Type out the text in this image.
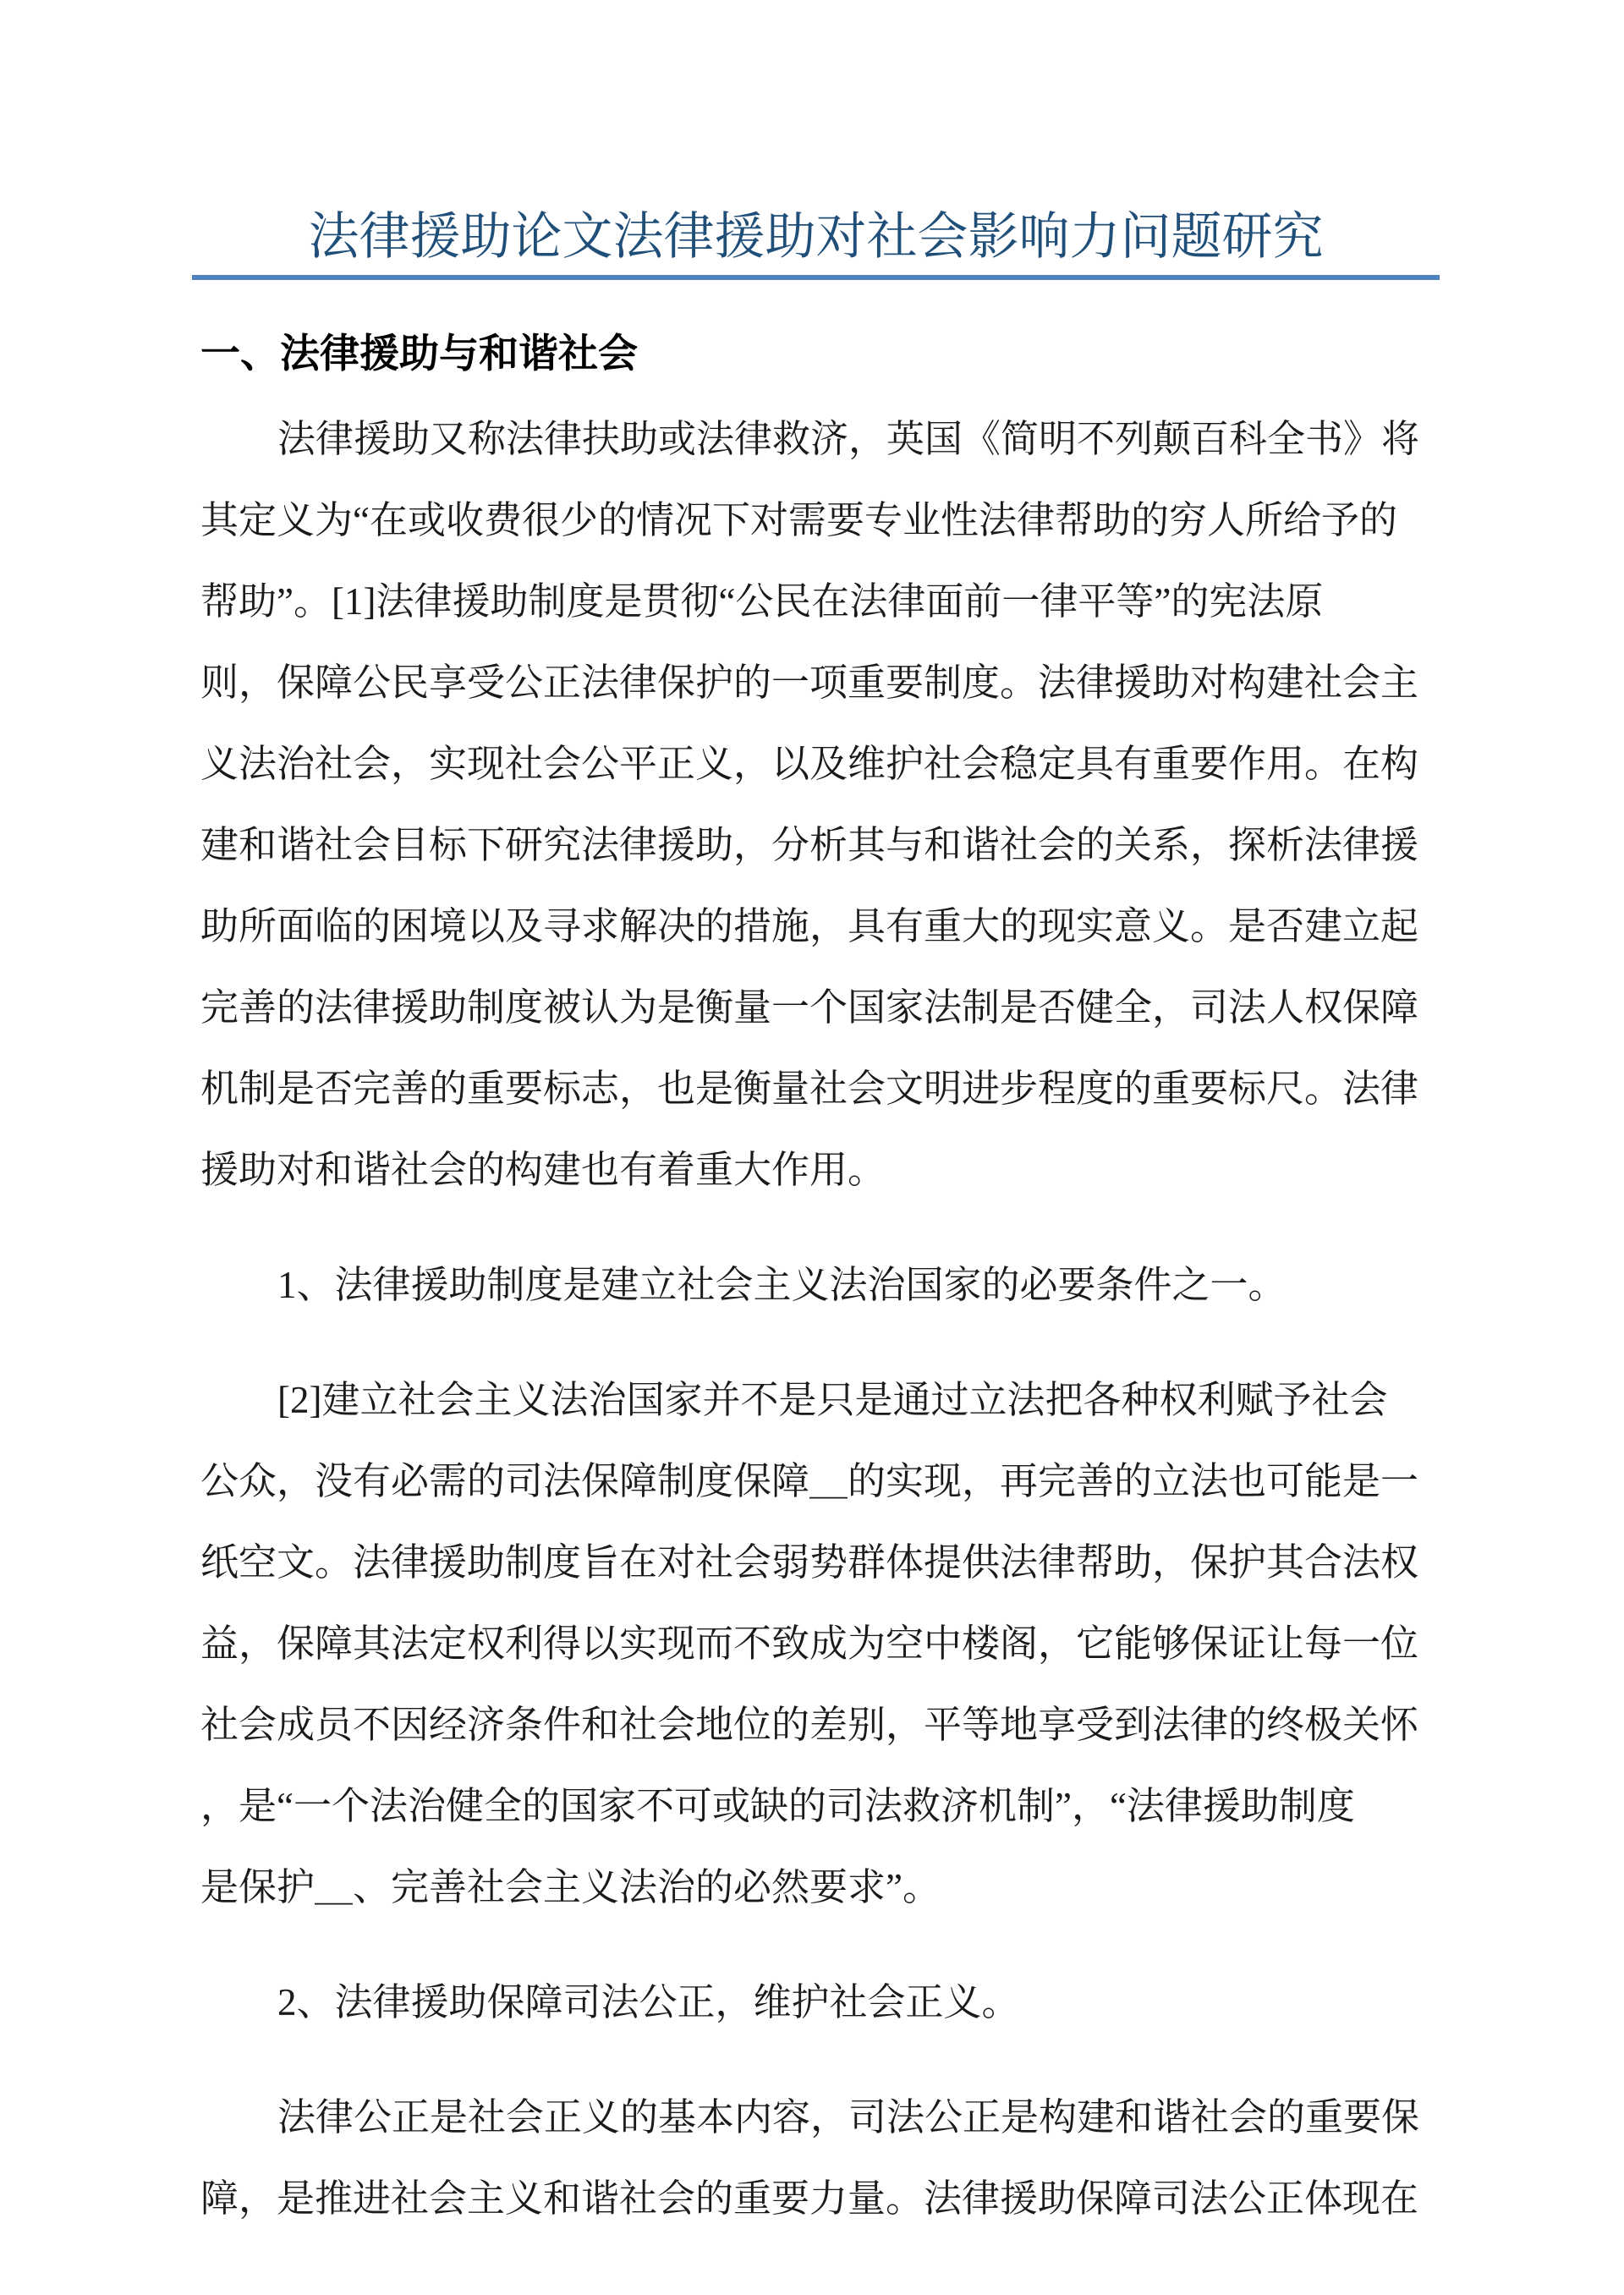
法律援助论文法律援助对社会影响力问题研究
一、法律援助与和谐社会
法律援助又称法律扶助或法律救济，英国《简明不列颠百科全书》将
其定义为“在或收费很少的情况下对需要专业性法律帮助的穷人所给予的
帮助”。[1]法律援助制度是贯彻“公民在法律面前一律平等”的宪法原
则，保障公民享受公正法律保护的一项重要制度。法律援助对构建社会主
义法治社会，实现社会公平正义，以及维护社会稳定具有重要作用。在构
建和谐社会目标下研究法律援助，分析其与和谐社会的关系，探析法律援
助所面临的困境以及寻求解决的措施，具有重大的现实意义。是否建立起
完善的法律援助制度被认为是衡量一个国家法制是否健全，司法人权保障
机制是否完善的重要标志，也是衡量社会文明进步程度的重要标尺。法律
援助对和谐社会的构建也有着重大作用。
1、法律援助制度是建立社会主义法治国家的必要条件之一。
[2]建立社会主义法治国家并不是只是通过立法把各种权利赋予社会
公众，没有必需的司法保障制度保障＿的实现，再完善的立法也可能是一
纸空文。法律援助制度旨在对社会弱势群体提供法律帮助，保护其合法权
益，保障其法定权利得以实现而不致成为空中楼阁，它能够保证让每一位
社会成员不因经济条件和社会地位的差别，平等地享受到法律的终极关怀
，是“一个法治健全的国家不可或缺的司法救济机制”，“法律援助制度
是保护＿、完善社会主义法治的必然要求”。
2、法律援助保障司法公正，维护社会正义。
法律公正是社会正义的基本内容，司法公正是构建和谐社会的重要保
障，是推进社会主义和谐社会的重要力量。法律援助保障司法公正体现在
